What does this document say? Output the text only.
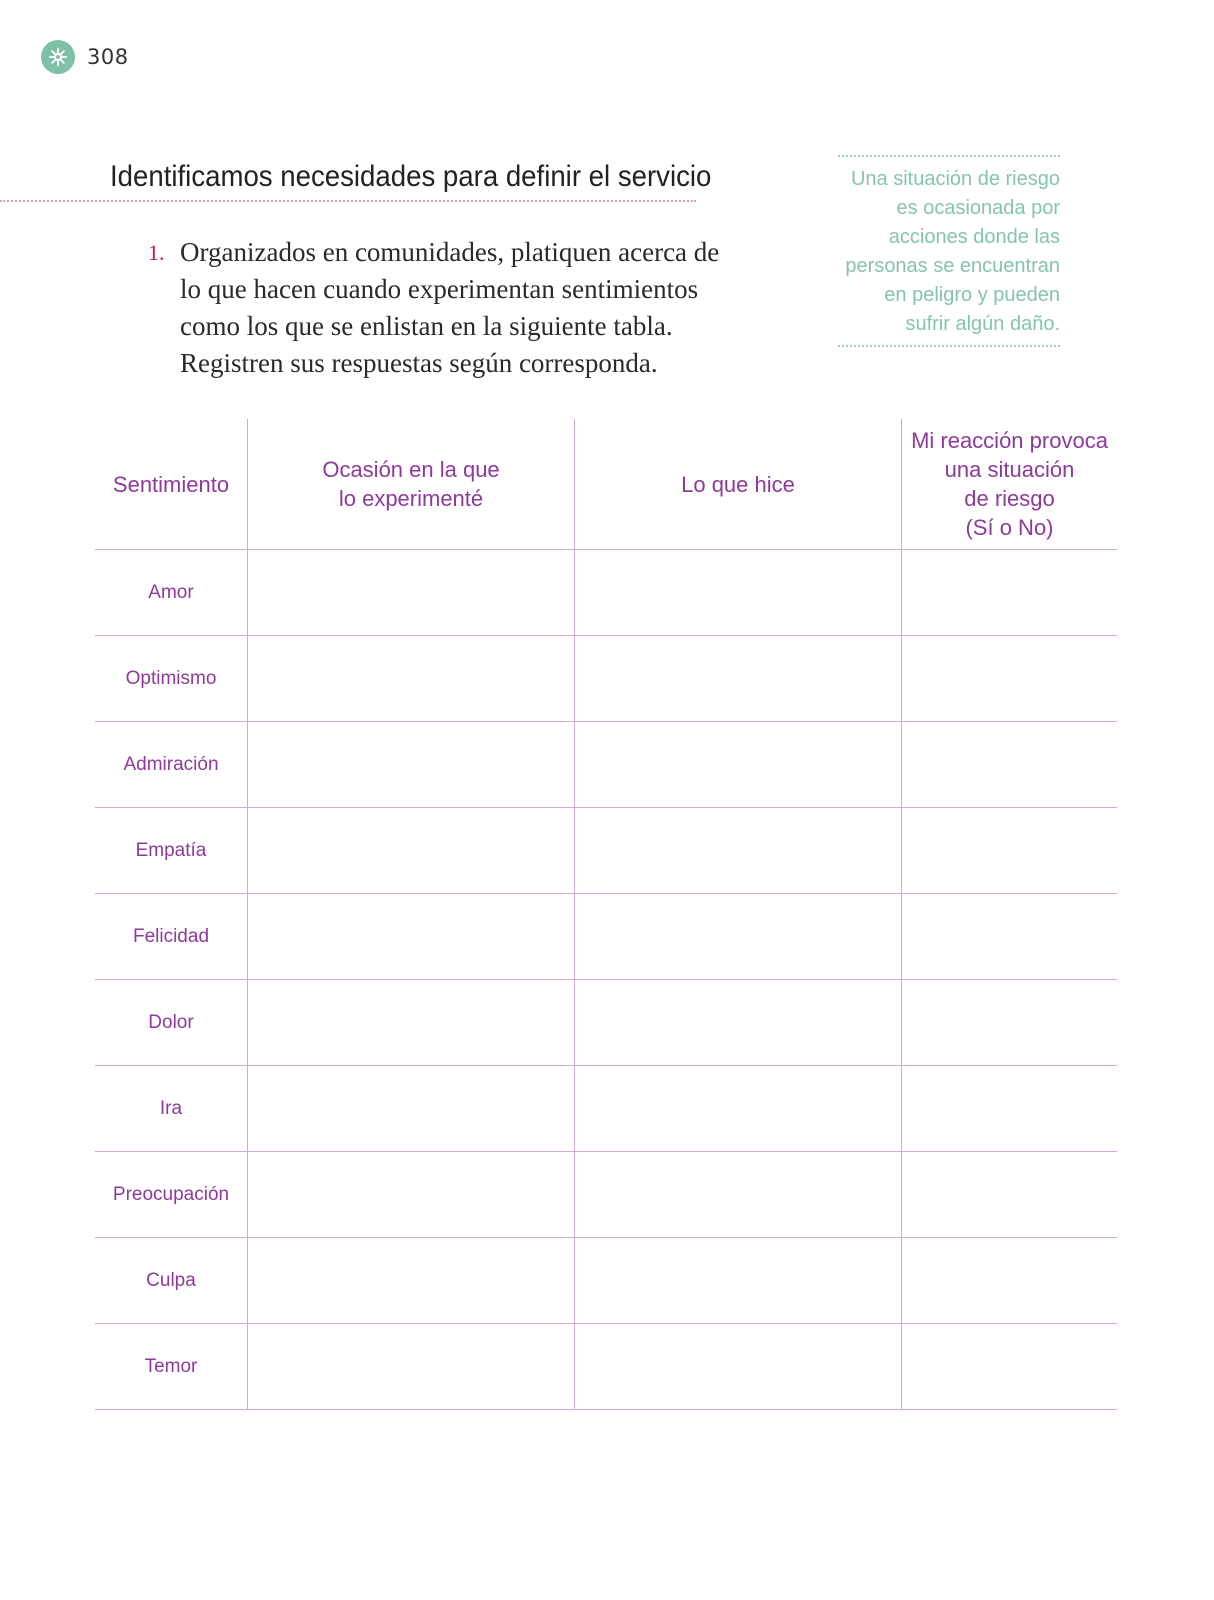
308
Identificamos necesidades para definir el servicio
1. Organizados en comunidades, platiquen acerca de lo que hacen cuando experimentan sentimientos como los que se enlistan en la siguiente tabla. Registren sus respuestas según corresponda.
Una situación de riesgo es ocasionada por acciones donde las personas se encuentran en peligro y pueden sufrir algún daño.
Sentimiento
Ocasión en la que
lo experimenté
Lo que hice
Mi reacción provoca
una situación
de riesgo
(Sí o No)
Amor
Optimismo
Admiración
Empatía
Felicidad
Dolor
Ira
Preocupación
Culpa
Temor
